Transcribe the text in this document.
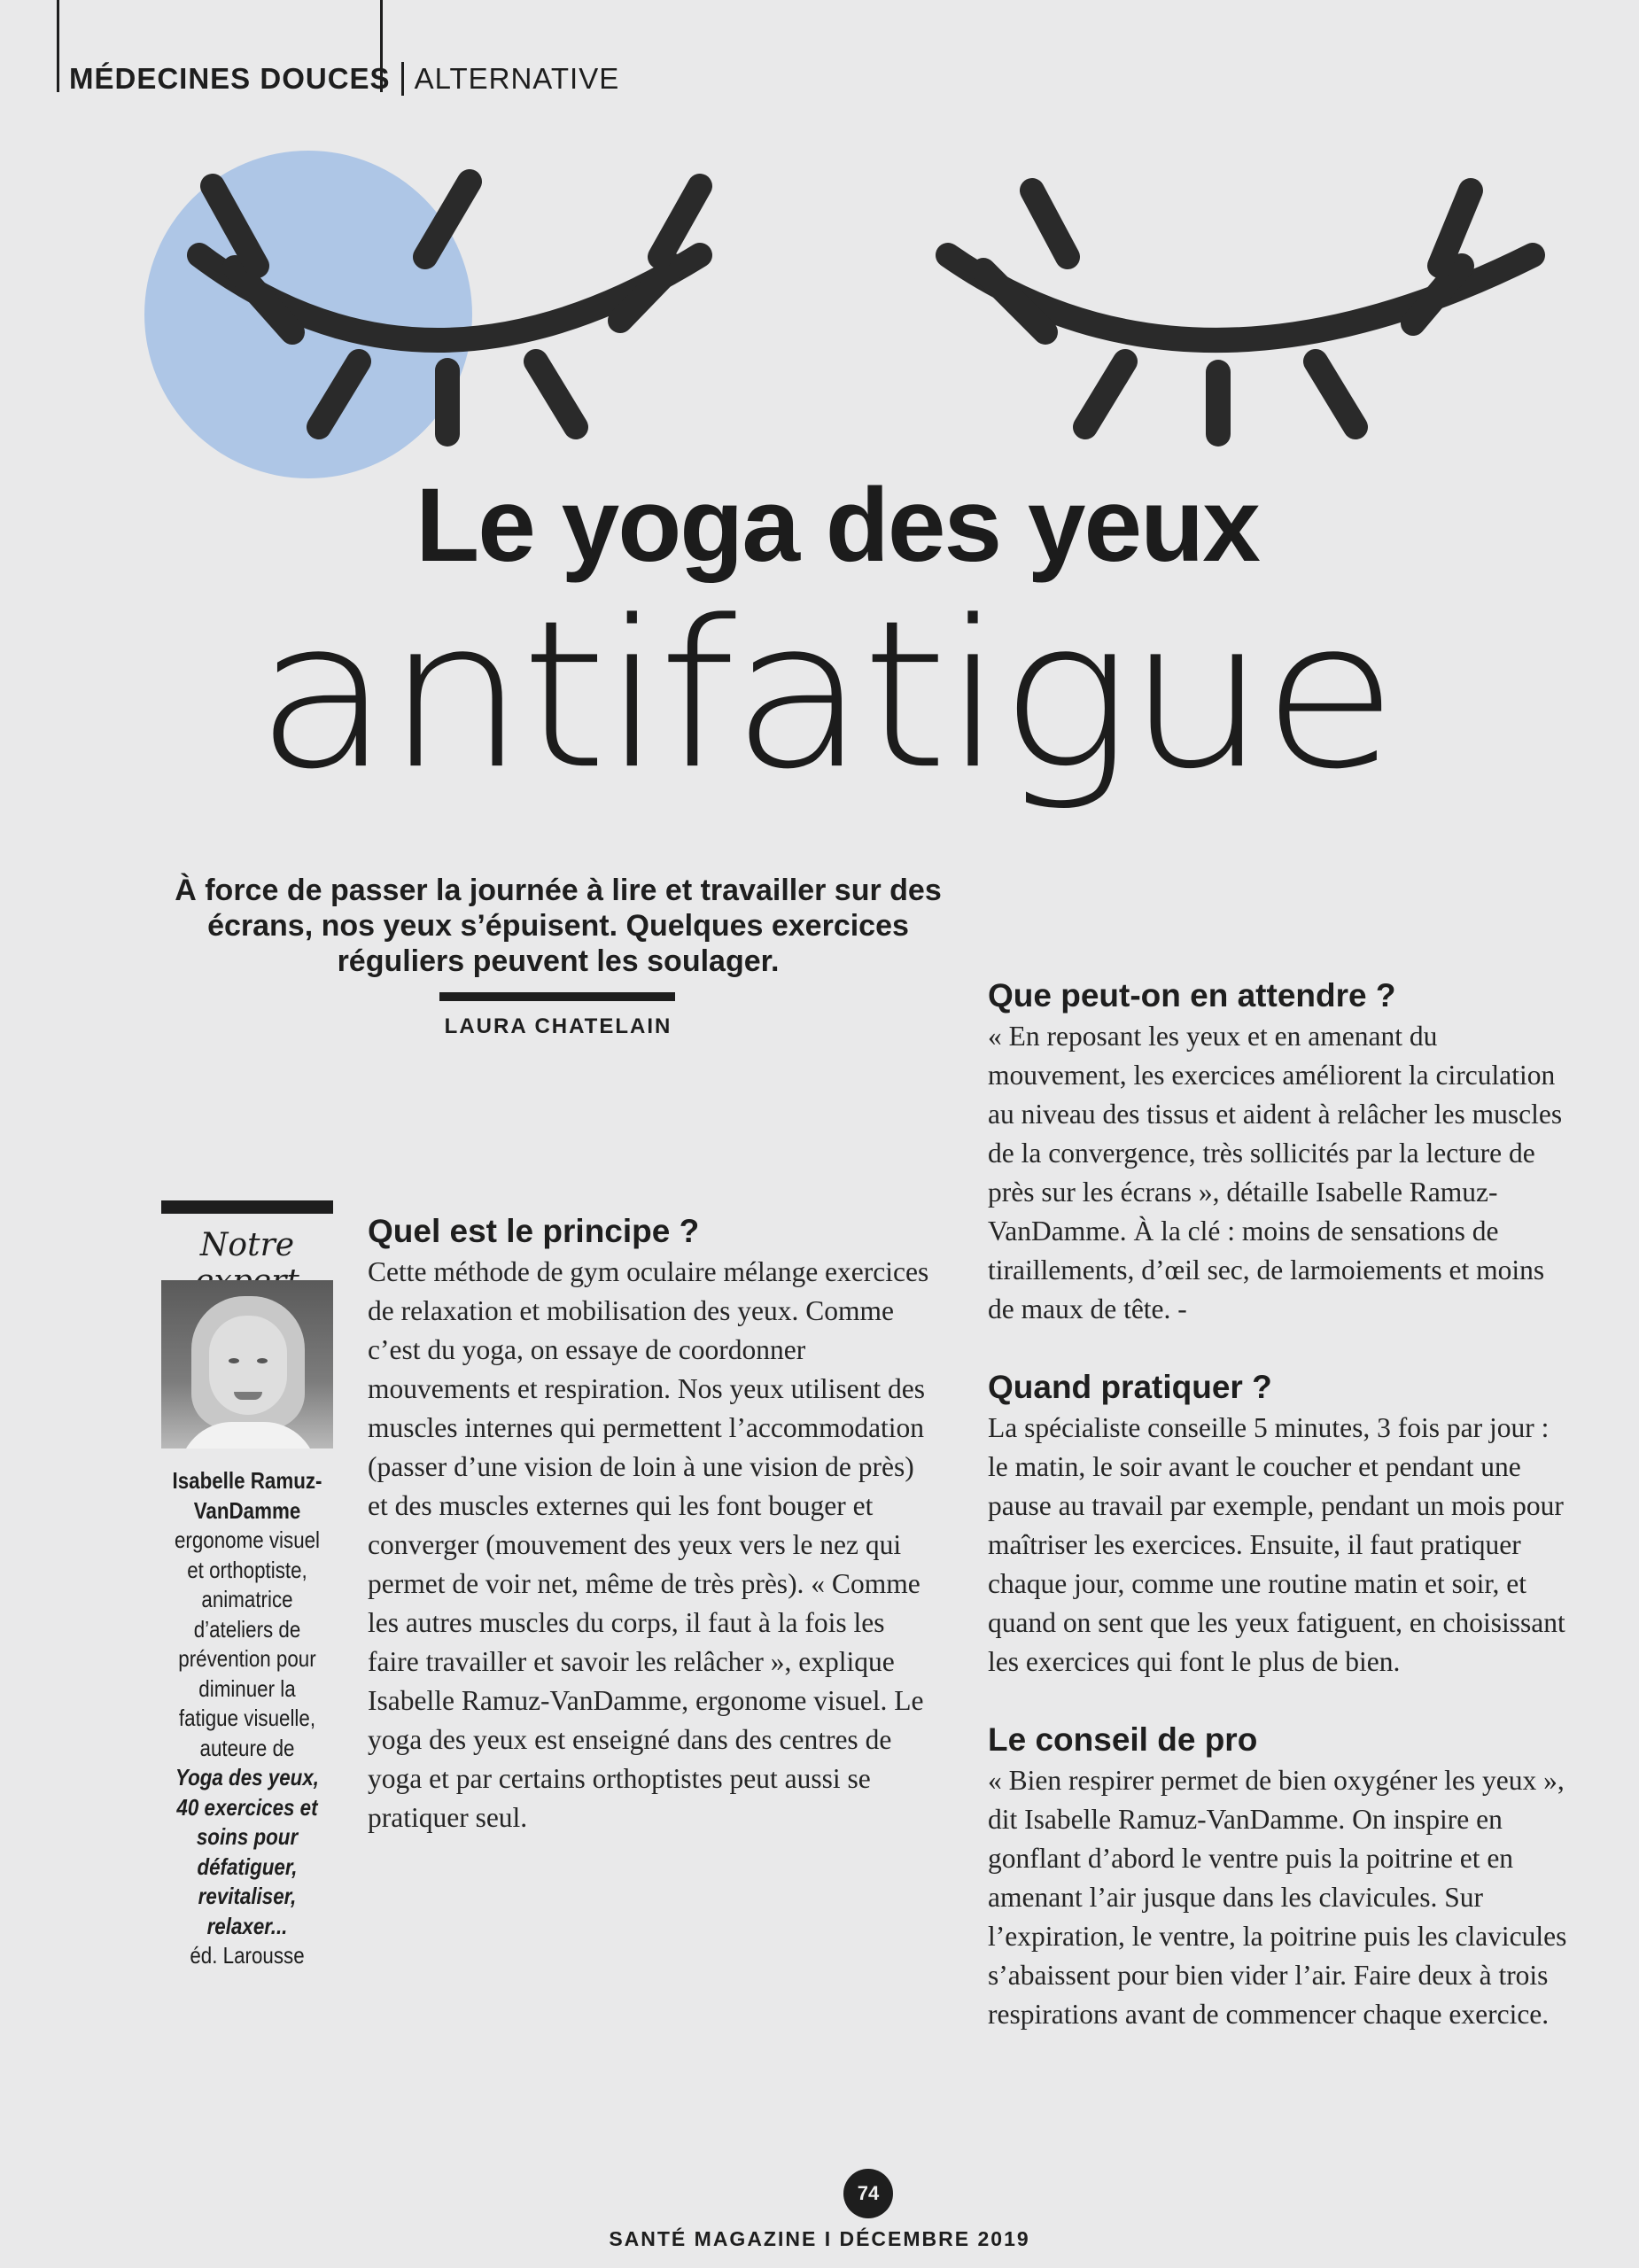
MÉDECINES DOUCES ALTERNATIVE
Le yoga des yeux
antifatigue
À force de passer la journée à lire et travailler sur des écrans, nos yeux s’épuisent. Quelques exercices réguliers peuvent les soulager.
LAURA CHATELAIN
Notre
Isabelle Ramuz-VanDamme
ergonome visuel et orthoptiste, animatrice d’ateliers de prévention pour diminuer la fatigue visuelle, auteure de
Yoga des yeux, 40 exercices et soins pour défatiguer, revitaliser, relaxer...
éd. Larousse
Quel est le principe ?

Cette méthode de gym oculaire mélange exercices de relaxation et mobilisation des yeux. Comme c’est du yoga, on essaye de coordonner mouvements et respiration. Nos yeux utilisent des muscles internes qui permettent l’accommodation (passer d’une vision de loin à une vision de près) et des muscles externes qui les font bouger et converger (mouvement des yeux vers le nez qui permet de voir net, même de très près). « Comme les autres muscles du corps, il faut à la fois les faire travailler et savoir les relâcher », explique Isabelle Ramuz-VanDamme, ergonome visuel. Le yoga des yeux est enseigné dans des centres de yoga et par certains orthoptistes peut aussi se pratiquer seul.

Que peut-on en attendre ?

« En reposant les yeux et en amenant du mouvement, les exercices améliorent la circulation au niveau des tissus et aident à relâcher les muscles de la convergence, très sollicités par la lecture de près sur les écrans », détaille Isabelle Ramuz-VanDamme. À la clé : moins de sensations de tiraillements, d’œil sec, de larmoiements et moins de maux de tête. -

Quand pratiquer ?

La spécialiste conseille 5 minutes, 3 fois par jour : le matin, le soir avant le coucher et pendant une pause au travail par exemple, pendant un mois pour maîtriser les exercices. Ensuite, il faut pratiquer chaque jour, comme une routine matin et soir, et quand on sent que les yeux fatiguent, en choisissant les exercices qui font le plus de bien.

Le conseil de pro

« Bien respirer permet de bien oxygéner les yeux », dit Isabelle Ramuz-VanDamme. On inspire en gonflant d’abord le ventre puis la poitrine et en amenant l’air jusque dans les clavicules. Sur l’expiration, le ventre, la poitrine puis les clavicules s’abaissent pour bien vider l’air. Faire deux à trois respirations avant de commencer chaque exercice.

74
SANTÉ MAGAZINE I DÉCEMBRE 2019
